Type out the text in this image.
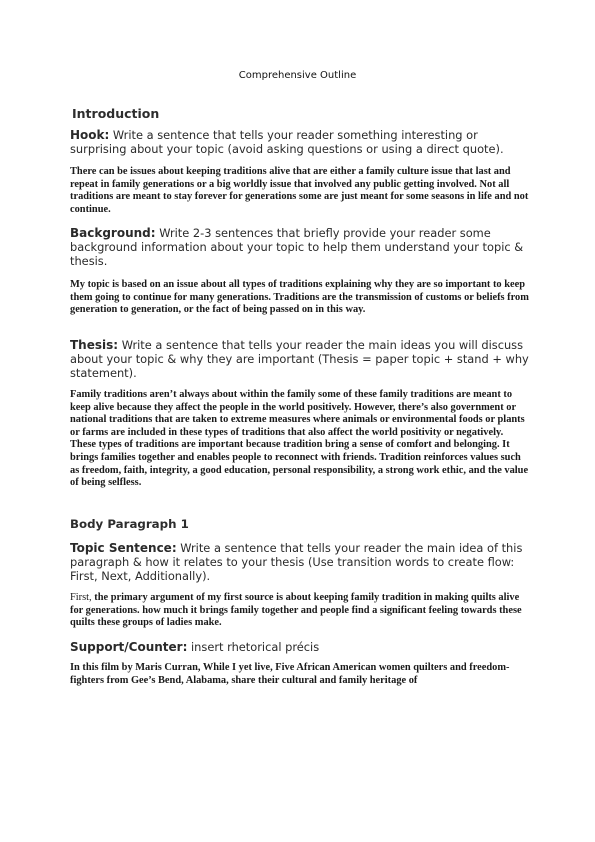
Comprehensive Outline
Introduction

Hook: Write a sentence that tells your reader something interesting or surprising about your topic (avoid asking questions or using a direct quote).

There can be issues about keeping traditions alive that are either a family culture issue that last and repeat in family generations or a big worldly issue that involved any public getting involved. Not all traditions are meant to stay forever for generations some are just meant for some seasons in life and not continue.

Background: Write 2-3 sentences that briefly provide your reader some background information about your topic to help them understand your topic & thesis.

My topic is based on an issue about all types of traditions explaining why they are so important to keep them going to continue for many generations. Traditions are the transmission of customs or beliefs from generation to generation, or the fact of being passed on in this way.

Thesis: Write a sentence that tells your reader the main ideas you will discuss about your topic & why they are important (Thesis = paper topic + stand + why statement).

Family traditions aren’t always about within the family some of these family traditions are meant to keep alive because they affect the people in the world positively. However, there’s also government or national traditions that are taken to extreme measures where animals or environmental foods or plants or farms are included in these types of traditions that also affect the world positivity or negatively. These types of traditions are important because tradition bring a sense of comfort and belonging. It brings families together and enables people to reconnect with friends. Tradition reinforces values such as freedom, faith, integrity, a good education, personal responsibility, a strong work ethic, and the value of being selfless.

Body Paragraph 1

Topic Sentence: Write a sentence that tells your reader the main idea of this paragraph & how it relates to your thesis (Use transition words to create flow: First, Next, Additionally).

First, the primary argument of my first source is about keeping family tradition in making quilts alive for generations. how much it brings family together and people find a significant feeling towards these quilts these groups of ladies make.

Support/Counter: insert rhetorical précis

In this film by Maris Curran, While I yet live, Five African American women quilters and freedom-fighters from Gee’s Bend, Alabama, share their cultural and family heritage of
